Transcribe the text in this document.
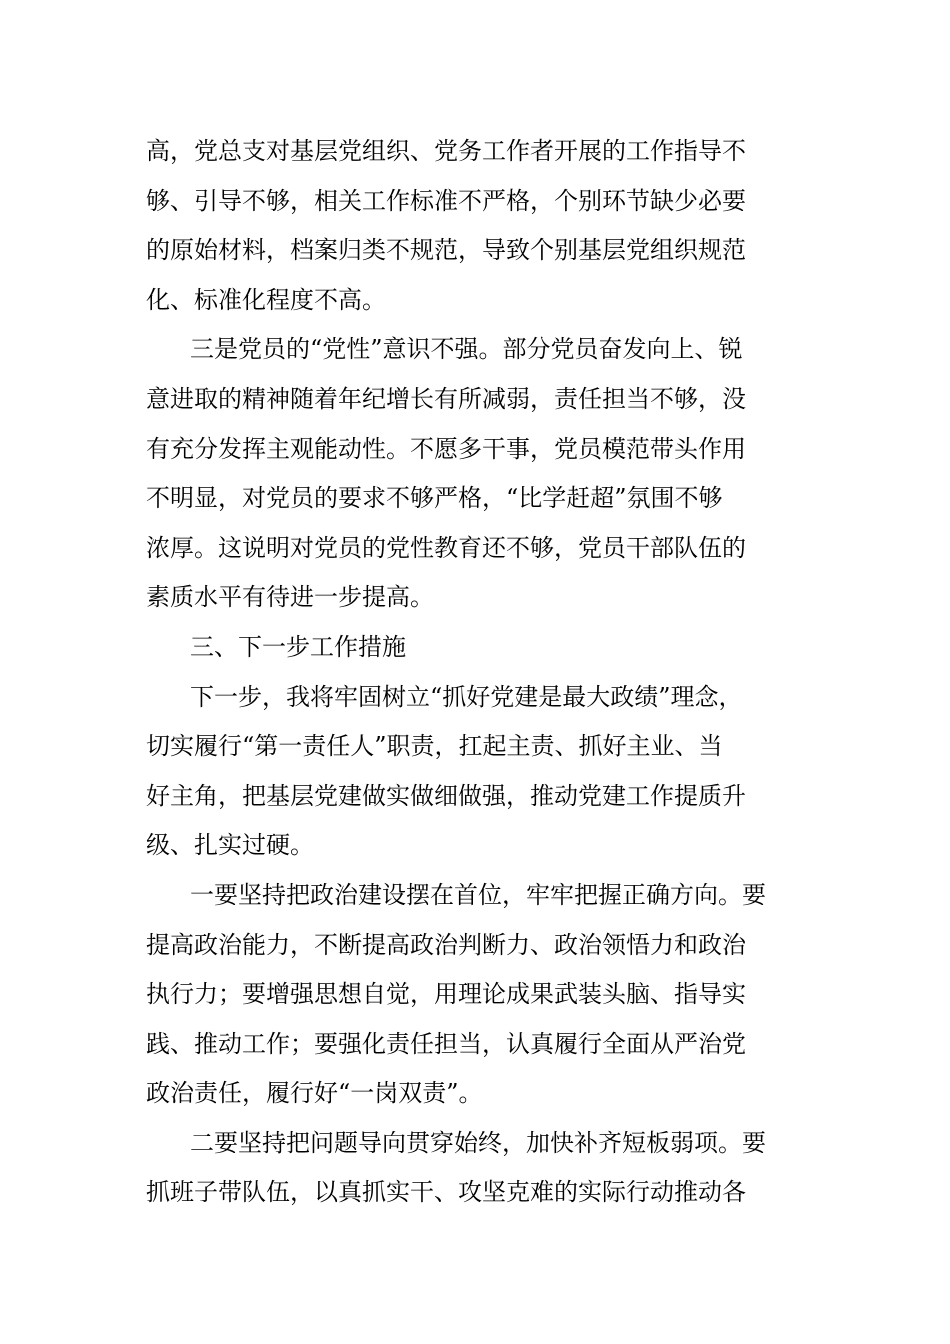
高，党总支对基层党组织、党务工作者开展的工作指导不
够、引导不够，相关工作标准不严格，个别环节缺少必要
的原始材料，档案归类不规范，导致个别基层党组织规范
化、标准化程度不高。
三是党员的“党性”意识不强。部分党员奋发向上、锐
意进取的精神随着年纪增长有所减弱，责任担当不够，没
有充分发挥主观能动性。不愿多干事，党员模范带头作用
不明显，对党员的要求不够严格，“比学赶超”氛围不够
浓厚。这说明对党员的党性教育还不够，党员干部队伍的
素质水平有待进一步提高。
三、下一步工作措施
下一步，我将牢固树立“抓好党建是最大政绩”理念，
切实履行“第一责任人”职责，扛起主责、抓好主业、当
好主角，把基层党建做实做细做强，推动党建工作提质升
级、扎实过硬。
一要坚持把政治建设摆在首位，牢牢把握正确方向。要
提高政治能力，不断提高政治判断力、政治领悟力和政治
执行力；要增强思想自觉，用理论成果武装头脑、指导实
践、推动工作；要强化责任担当，认真履行全面从严治党
政治责任，履行好“一岗双责”。
二要坚持把问题导向贯穿始终，加快补齐短板弱项。要
抓班子带队伍，以真抓实干、攻坚克难的实际行动推动各
